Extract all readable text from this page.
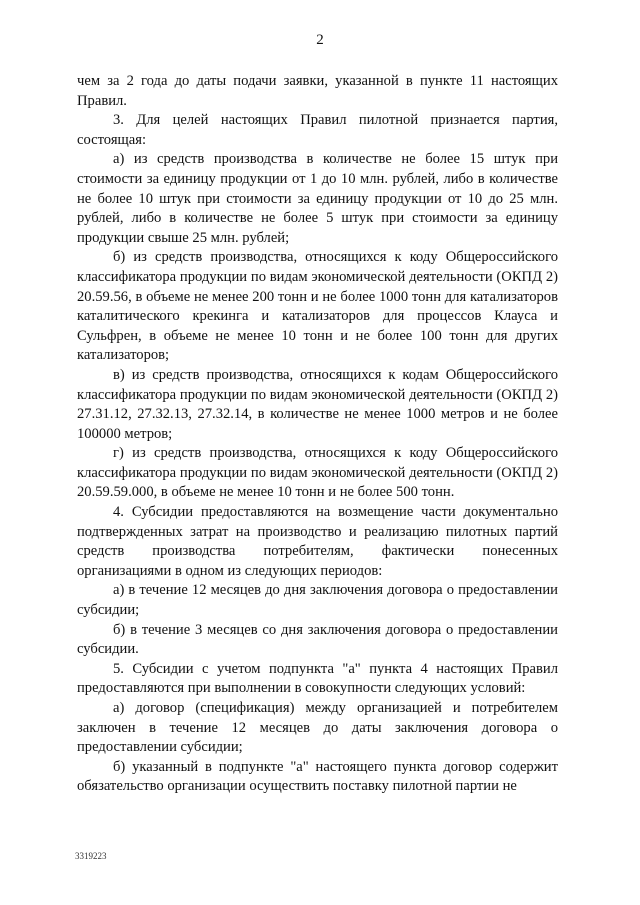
2

чем за 2 года до даты подачи заявки, указанной в пункте 11 настоящих Правил.

3. Для целей настоящих Правил пилотной признается партия, состоящая:

а) из средств производства в количестве не более 15 штук при стоимости за единицу продукции от 1 до 10 млн. рублей, либо в количестве не более 10 штук при стоимости за единицу продукции от 10 до 25 млн. рублей, либо в количестве не более 5 штук при стоимости за единицу продукции свыше 25 млн. рублей;

б) из средств производства, относящихся к коду Общероссийского классификатора продукции по видам экономической деятельности (ОКПД 2) 20.59.56, в объеме не менее 200 тонн и не более 1000 тонн для катализаторов каталитического крекинга и катализаторов для процессов Клауса и Сульфрен, в объеме не менее 10 тонн и не более 100 тонн для других катализаторов;

в) из средств производства, относящихся к кодам Общероссийского классификатора продукции по видам экономической деятельности (ОКПД 2) 27.31.12, 27.32.13, 27.32.14, в количестве не менее 1000 метров и не более 100000 метров;

г) из средств производства, относящихся к коду Общероссийского классификатора продукции по видам экономической деятельности (ОКПД 2) 20.59.59.000, в объеме не менее 10 тонн и не более 500 тонн.

4. Субсидии предоставляются на возмещение части документально подтвержденных затрат на производство и реализацию пилотных партий средств производства потребителям, фактически понесенных организациями в одном из следующих периодов:

а) в течение 12 месяцев до дня заключения договора о предоставлении субсидии;

б) в течение 3 месяцев со дня заключения договора о предоставлении субсидии.

5. Субсидии с учетом подпункта "а" пункта 4 настоящих Правил предоставляются при выполнении в совокупности следующих условий:

а) договор (спецификация) между организацией и потребителем заключен в течение 12 месяцев до даты заключения договора о предоставлении субсидии;

б) указанный в подпункте "а" настоящего пункта договор содержит обязательство организации осуществить поставку пилотной партии не

3319223
